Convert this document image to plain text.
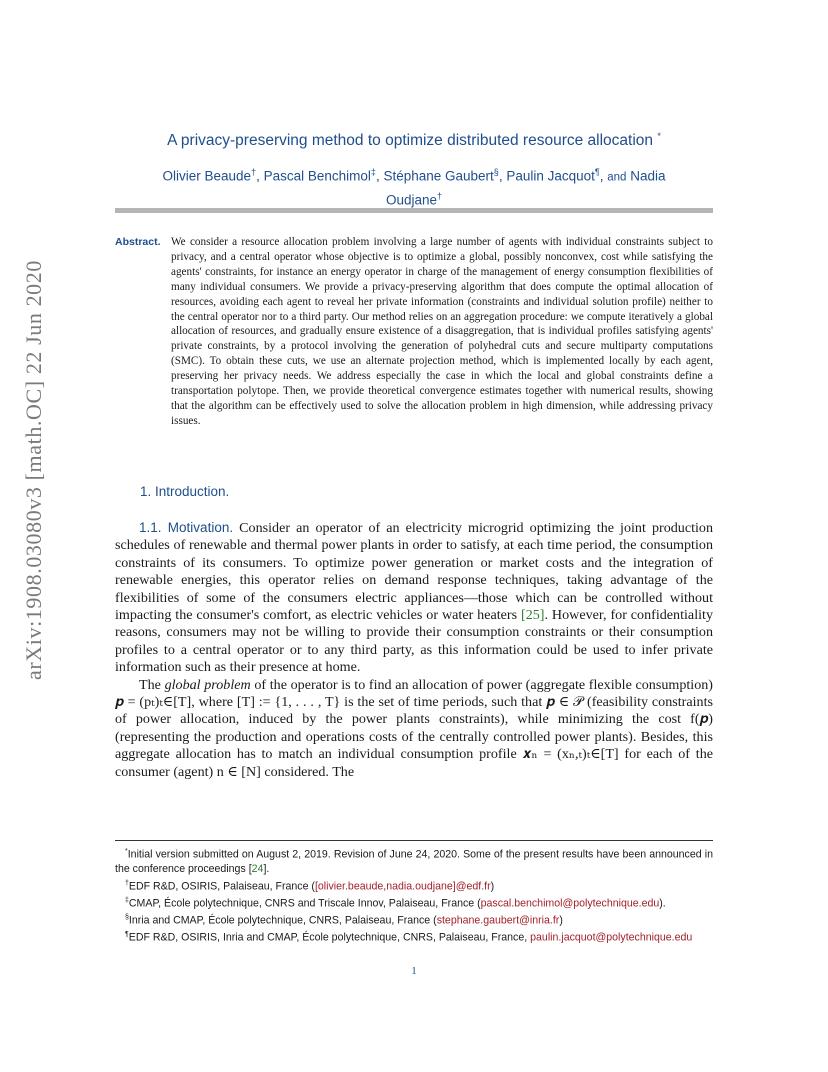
arXiv:1908.03080v3 [math.OC] 22 Jun 2020
A privacy-preserving method to optimize distributed resource allocation *
Olivier Beaude†, Pascal Benchimol‡, Stéphane Gaubert§, Paulin Jacquot¶, and Nadia
Oudjane†
Abstract. We consider a resource allocation problem involving a large number of agents with individual constraints subject to privacy, and a central operator whose objective is to optimize a global, possibly nonconvex, cost while satisfying the agents' constraints, for instance an energy operator in charge of the management of energy consumption flexibilities of many individual consumers. We provide a privacy-preserving algorithm that does compute the optimal allocation of resources, avoiding each agent to reveal her private information (constraints and individual solution profile) neither to the central operator nor to a third party. Our method relies on an aggregation procedure: we compute iteratively a global allocation of resources, and gradually ensure existence of a disaggregation, that is individual profiles satisfying agents' private constraints, by a protocol involving the generation of polyhedral cuts and secure multiparty computations (SMC). To obtain these cuts, we use an alternate projection method, which is implemented locally by each agent, preserving her privacy needs. We address especially the case in which the local and global constraints define a transportation polytope. Then, we provide theoretical convergence estimates together with numerical results, showing that the algorithm can be effectively used to solve the allocation problem in high dimension, while addressing privacy issues.
1. Introduction.

1.1. Motivation. Consider an operator of an electricity microgrid optimizing the joint production schedules of renewable and thermal power plants in order to satisfy, at each time period, the consumption constraints of its consumers. To optimize power generation or market costs and the integration of renewable energies, this operator relies on demand response techniques, taking advantage of the flexibilities of some of the consumers electric appliances—those which can be controlled without impacting the consumer's comfort, as electric vehicles or water heaters [25]. However, for confidentiality reasons, consumers may not be willing to provide their consumption constraints or their consumption profiles to a central operator or to any third party, as this information could be used to infer private information such as their presence at home.

The global problem of the operator is to find an allocation of power (aggregate flexible consumption) 𝒑 = (pₜ)ₜ∈[T], where [T] := {1, . . . , T} is the set of time periods, such that 𝒑 ∈ 𝒫 (feasibility constraints of power allocation, induced by the power plants constraints), while minimizing the cost f(𝒑) (representing the production and operations costs of the centrally controlled power plants). Besides, this aggregate allocation has to match an individual consumption profile 𝒙ₙ = (xₙ,ₜ)ₜ∈[T] for each of the consumer (agent) n ∈ [N] considered. The

*Initial version submitted on August 2, 2019. Revision of June 24, 2020. Some of the present results have been announced in the conference proceedings [24].

†EDF R&D, OSIRIS, Palaiseau, France ([olivier.beaude,nadia.oudjane]@edf.fr)

‡CMAP, École polytechnique, CNRS and Triscale Innov, Palaiseau, France (pascal.benchimol@polytechnique.edu).

§Inria and CMAP, École polytechnique, CNRS, Palaiseau, France (stephane.gaubert@inria.fr)

¶EDF R&D, OSIRIS, Inria and CMAP, École polytechnique, CNRS, Palaiseau, France, paulin.jacquot@polytechnique.edu

1
